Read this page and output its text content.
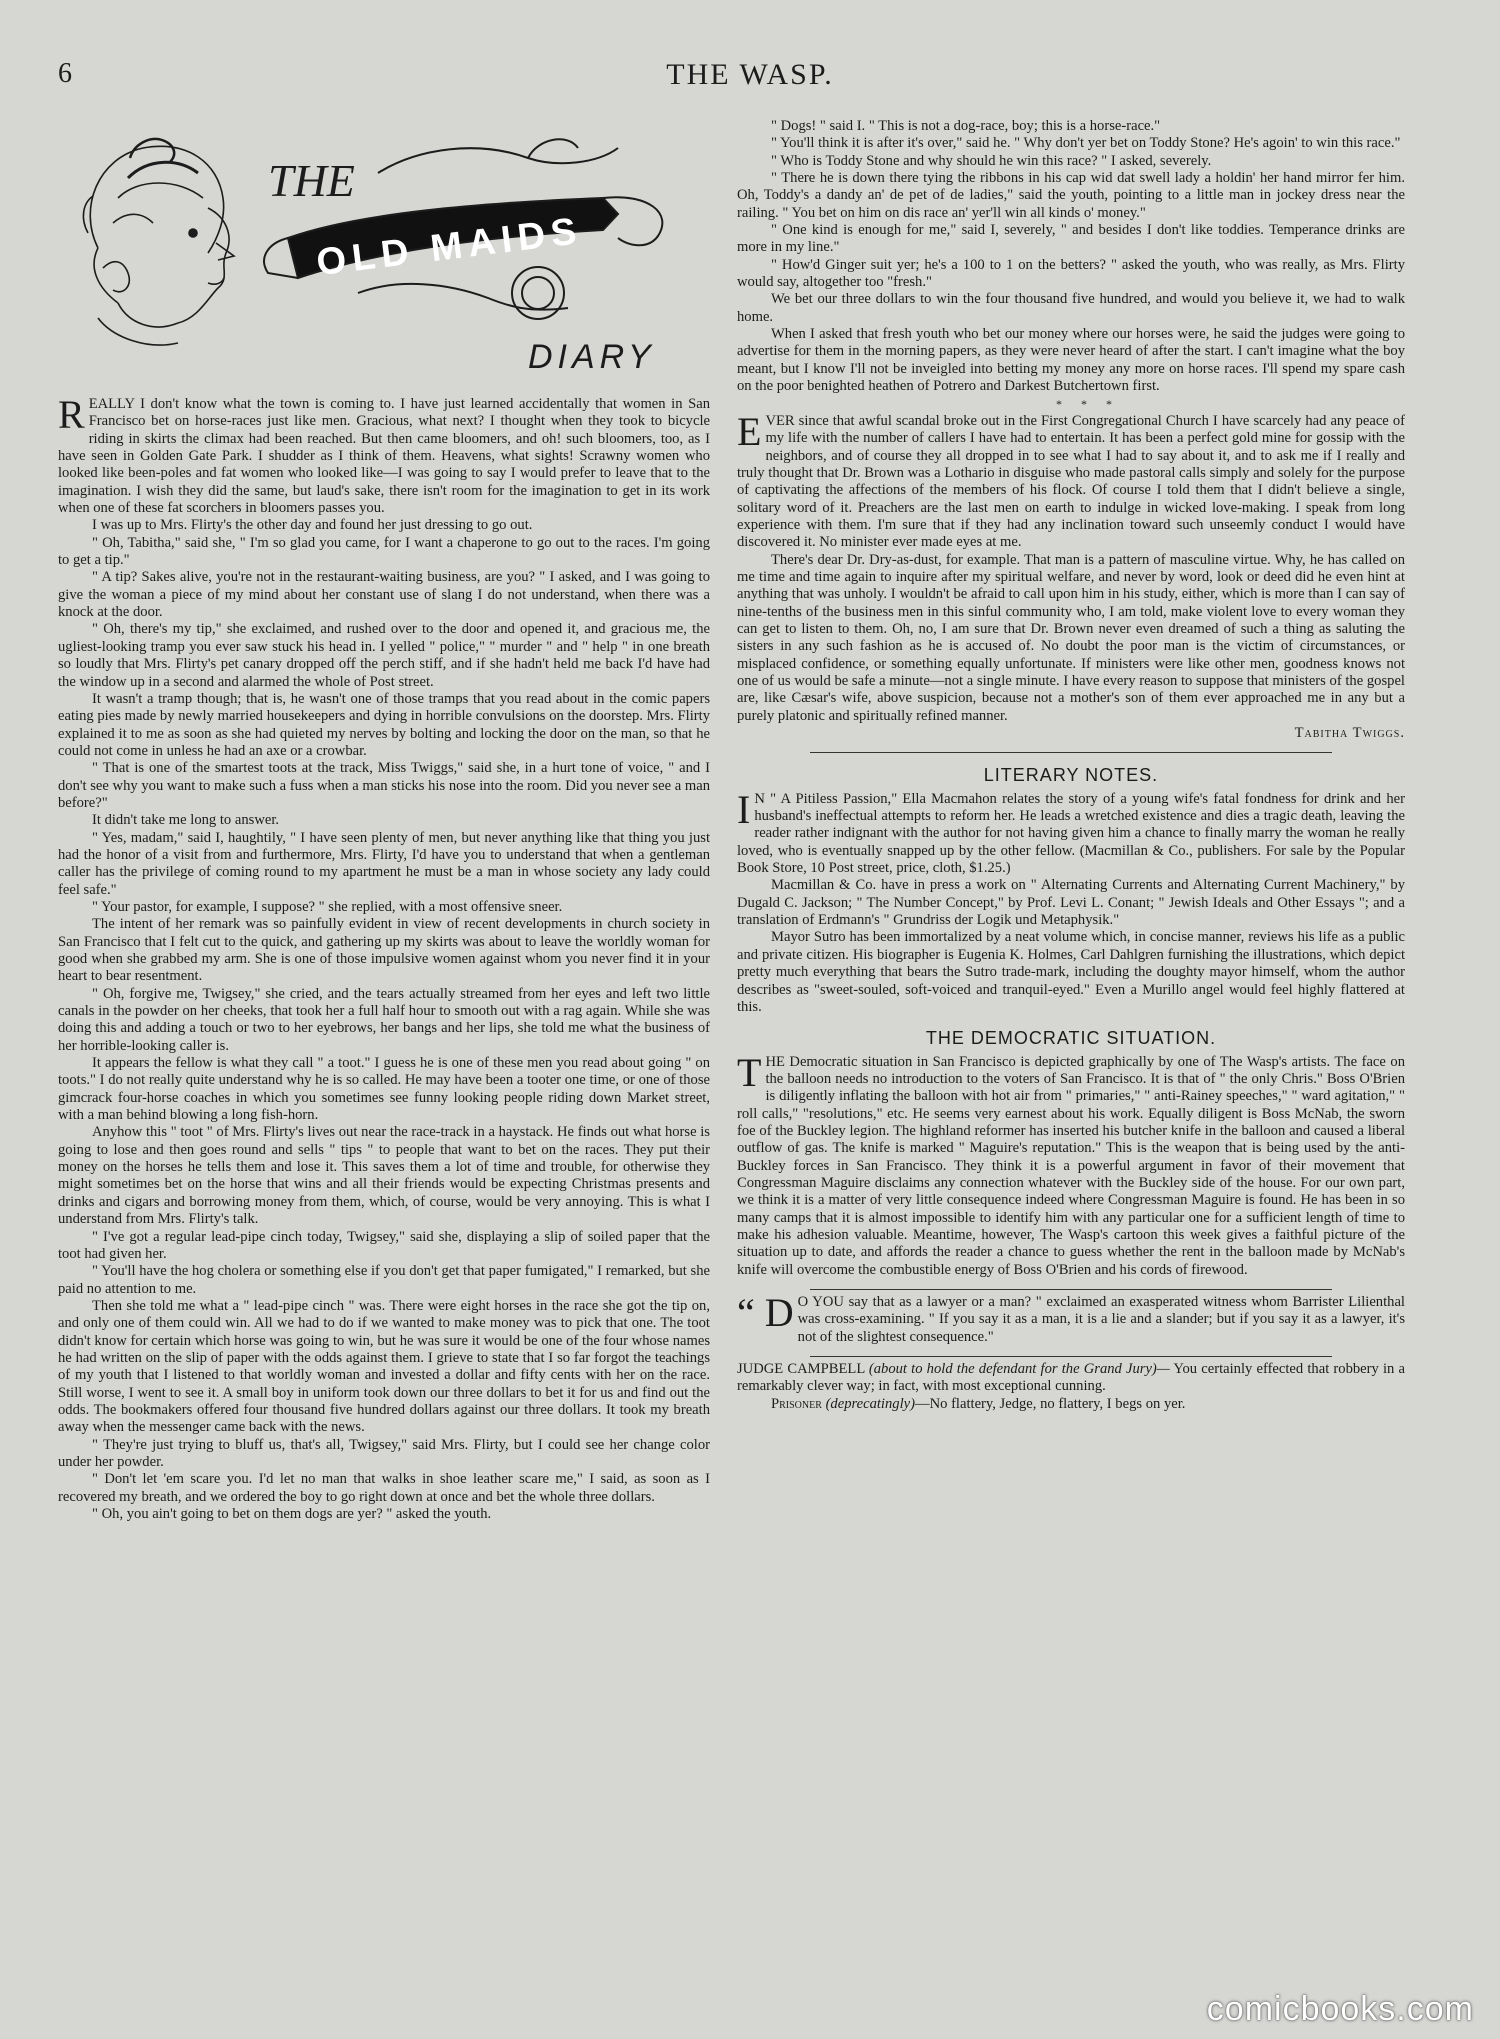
6	THE WASP.
THE
OLD MAIDS
DIARY

REALLY I don't know what the town is coming to. I have just learned accidentally that women in San Francisco bet on horse-races just like men. Gracious, what next? I thought when they took to bicycle riding in skirts the climax had been reached. But then came bloomers, and oh! such bloomers, too, as I have seen in Golden Gate Park. I shudder as I think of them. Heavens, what sights! Scrawny women who looked like been-poles and fat women who looked like—I was going to say I would prefer to leave that to the imagination. I wish they did the same, but laud's sake, there isn't room for the imagination to get in its work when one of these fat scorchers in bloomers passes you.

I was up to Mrs. Flirty's the other day and found her just dressing to go out.

" Oh, Tabitha," said she, " I'm so glad you came, for I want a chaperone to go out to the races. I'm going to get a tip."

" A tip? Sakes alive, you're not in the restaurant-waiting business, are you? " I asked, and I was going to give the woman a piece of my mind about her constant use of slang I do not understand, when there was a knock at the door.

" Oh, there's my tip," she exclaimed, and rushed over to the door and opened it, and gracious me, the ugliest-looking tramp you ever saw stuck his head in. I yelled " police," " murder " and " help " in one breath so loudly that Mrs. Flirty's pet canary dropped off the perch stiff, and if she hadn't held me back I'd have had the window up in a second and alarmed the whole of Post street.

It wasn't a tramp though; that is, he wasn't one of those tramps that you read about in the comic papers eating pies made by newly married housekeepers and dying in horrible convulsions on the doorstep. Mrs. Flirty explained it to me as soon as she had quieted my nerves by bolting and locking the door on the man, so that he could not come in unless he had an axe or a crowbar.

" That is one of the smartest toots at the track, Miss Twiggs," said she, in a hurt tone of voice, " and I don't see why you want to make such a fuss when a man sticks his nose into the room. Did you never see a man before?"

It didn't take me long to answer.

" Yes, madam," said I, haughtily, " I have seen plenty of men, but never anything like that thing you just had the honor of a visit from and furthermore, Mrs. Flirty, I'd have you to understand that when a gentleman caller has the privilege of coming round to my apartment he must be a man in whose society any lady could feel safe."

" Your pastor, for example, I suppose? " she replied, with a most offensive sneer.

The intent of her remark was so painfully evident in view of recent developments in church society in San Francisco that I felt cut to the quick, and gathering up my skirts was about to leave the worldly woman for good when she grabbed my arm. She is one of those impulsive women against whom you never find it in your heart to bear resentment.

" Oh, forgive me, Twigsey," she cried, and the tears actually streamed from her eyes and left two little canals in the powder on her cheeks, that took her a full half hour to smooth out with a rag again. While she was doing this and adding a touch or two to her eyebrows, her bangs and her lips, she told me what the business of her horrible-looking caller is.

It appears the fellow is what they call " a toot." I guess he is one of these men you read about going " on toots." I do not really quite understand why he is so called. He may have been a tooter one time, or one of those gimcrack four-horse coaches in which you sometimes see funny looking people riding down Market street, with a man behind blowing a long fish-horn.

Anyhow this " toot " of Mrs. Flirty's lives out near the race-track in a haystack. He finds out what horse is going to lose and then goes round and sells " tips " to people that want to bet on the races. They put their money on the horses he tells them and lose it. This saves them a lot of time and trouble, for otherwise they might sometimes bet on the horse that wins and all their friends would be expecting Christmas presents and drinks and cigars and borrowing money from them, which, of course, would be very annoying. This is what I understand from Mrs. Flirty's talk.

" I've got a regular lead-pipe cinch today, Twigsey," said she, displaying a slip of soiled paper that the toot had given her.

" You'll have the hog cholera or something else if you don't get that paper fumigated," I remarked, but she paid no attention to me.

Then she told me what a " lead-pipe cinch " was. There were eight horses in the race she got the tip on, and only one of them could win. All we had to do if we wanted to make money was to pick that one. The toot didn't know for certain which horse was going to win, but he was sure it would be one of the four whose names he had written on the slip of paper with the odds against them. I grieve to state that I so far forgot the teachings of my youth that I listened to that worldly woman and invested a dollar and fifty cents with her on the race. Still worse, I went to see it. A small boy in uniform took down our three dollars to bet it for us and find out the odds. The bookmakers offered four thousand five hundred dollars against our three dollars. It took my breath away when the messenger came back with the news.

" They're just trying to bluff us, that's all, Twigsey," said Mrs. Flirty, but I could see her change color under her powder.

" Don't let 'em scare you. I'd let no man that walks in shoe leather scare me," I said, as soon as I recovered my breath, and we ordered the boy to go right down at once and bet the whole three dollars.

" Oh, you ain't going to bet on them dogs are yer? " asked the youth.

" Dogs! " said I. " This is not a dog-race, boy; this is a horse-race."

" You'll think it is after it's over," said he. " Why don't yer bet on Toddy Stone? He's agoin' to win this race."

" Who is Toddy Stone and why should he win this race? " I asked, severely.

" There he is down there tying the ribbons in his cap wid dat swell lady a holdin' her hand mirror fer him. Oh, Toddy's a dandy an' de pet of de ladies," said the youth, pointing to a little man in jockey dress near the railing. " You bet on him on dis race an' yer'll win all kinds o' money."

" One kind is enough for me," said I, severely, " and besides I don't like toddies. Temperance drinks are more in my line."

" How'd Ginger suit yer; he's a 100 to 1 on the betters? " asked the youth, who was really, as Mrs. Flirty would say, altogether too "fresh."

We bet our three dollars to win the four thousand five hundred, and would you believe it, we had to walk home.

When I asked that fresh youth who bet our money where our horses were, he said the judges were going to advertise for them in the morning papers, as they were never heard of after the start. I can't imagine what the boy meant, but I know I'll not be inveigled into betting my money any more on horse races. I'll spend my spare cash on the poor benighted heathen of Potrero and Darkest Butchertown first.

* * *

EVER since that awful scandal broke out in the First Congregational Church I have scarcely had any peace of my life with the number of callers I have had to entertain. It has been a perfect gold mine for gossip with the neighbors, and of course they all dropped in to see what I had to say about it, and to ask me if I really and truly thought that Dr. Brown was a Lothario in disguise who made pastoral calls simply and solely for the purpose of captivating the affections of the members of his flock. Of course I told them that I didn't believe a single, solitary word of it. Preachers are the last men on earth to indulge in wicked love-making. I speak from long experience with them. I'm sure that if they had any inclination toward such unseemly conduct I would have discovered it. No minister ever made eyes at me.

There's dear Dr. Dry-as-dust, for example. That man is a pattern of masculine virtue. Why, he has called on me time and time again to inquire after my spiritual welfare, and never by word, look or deed did he even hint at anything that was unholy. I wouldn't be afraid to call upon him in his study, either, which is more than I can say of nine-tenths of the business men in this sinful community who, I am told, make violent love to every woman they can get to listen to them. Oh, no, I am sure that Dr. Brown never even dreamed of such a thing as saluting the sisters in any such fashion as he is accused of. No doubt the poor man is the victim of circumstances, or misplaced confidence, or something equally unfortunate. If ministers were like other men, goodness knows not one of us would be safe a minute—not a single minute. I have every reason to suppose that ministers of the gospel are, like Cæsar's wife, above suspicion, because not a mother's son of them ever approached me in any but a purely platonic and spiritually refined manner.

Tabitha Twiggs.

LITERARY NOTES.

I N " A Pitiless Passion," Ella Macmahon relates the story of a young wife's fatal fondness for drink and her husband's ineffectual attempts to reform her. He leads a wretched existence and dies a tragic death, leaving the reader rather indignant with the author for not having given him a chance to finally marry the woman he really loved, who is eventually snapped up by the other fellow. (Macmillan & Co., publishers. For sale by the Popular Book Store, 10 Post street, price, cloth, $1.25.)

Macmillan & Co. have in press a work on " Alternating Currents and Alternating Current Machinery," by Dugald C. Jackson; " The Number Concept," by Prof. Levi L. Conant; " Jewish Ideals and Other Essays "; and a translation of Erdmann's " Grundriss der Logik und Metaphysik."

Mayor Sutro has been immortalized by a neat volume which, in concise manner, reviews his life as a public and private citizen. His biographer is Eugenia K. Holmes, Carl Dahlgren furnishing the illustrations, which depict pretty much everything that bears the Sutro trade-mark, including the doughty mayor himself, whom the author describes as "sweet-souled, soft-voiced and tranquil-eyed." Even a Murillo angel would feel highly flattered at this.

THE DEMOCRATIC SITUATION.

THE Democratic situation in San Francisco is depicted graphically by one of The Wasp's artists. The face on the balloon needs no introduction to the voters of San Francisco. It is that of " the only Chris." Boss O'Brien is diligently inflating the balloon with hot air from " primaries," " anti-Rainey speeches," " ward agitation," " roll calls," "resolutions," etc. He seems very earnest about his work. Equally diligent is Boss McNab, the sworn foe of the Buckley legion. The highland reformer has inserted his butcher knife in the balloon and caused a liberal outflow of gas. The knife is marked " Maguire's reputation." This is the weapon that is being used by the anti-Buckley forces in San Francisco. They think it is a powerful argument in favor of their movement that Congressman Maguire disclaims any connection whatever with the Buckley side of the house. For our own part, we think it is a matter of very little consequence indeed where Congressman Maguire is found. He has been in so many camps that it is almost impossible to identify him with any particular one for a sufficient length of time to make his adhesion valuable. Meantime, however, The Wasp's cartoon this week gives a faithful picture of the situation up to date, and affords the reader a chance to guess whether the rent in the balloon made by McNab's knife will overcome the combustible energy of Boss O'Brien and his cords of firewood.

“ D O YOU say that as a lawyer or a man? " exclaimed an exasperated witness whom Barrister Lilienthal was cross-examining. " If you say it as a man, it is a lie and a slander; but if you say it as a lawyer, it's not of the slightest consequence."

JUDGE CAMPBELL (about to hold the defendant for the Grand Jury)— You certainly effected that robbery in a remarkably clever way; in fact, with most exceptional cunning.

Prisoner (deprecatingly)—No flattery, Jedge, no flattery, I begs on yer.

comicbooks.com
